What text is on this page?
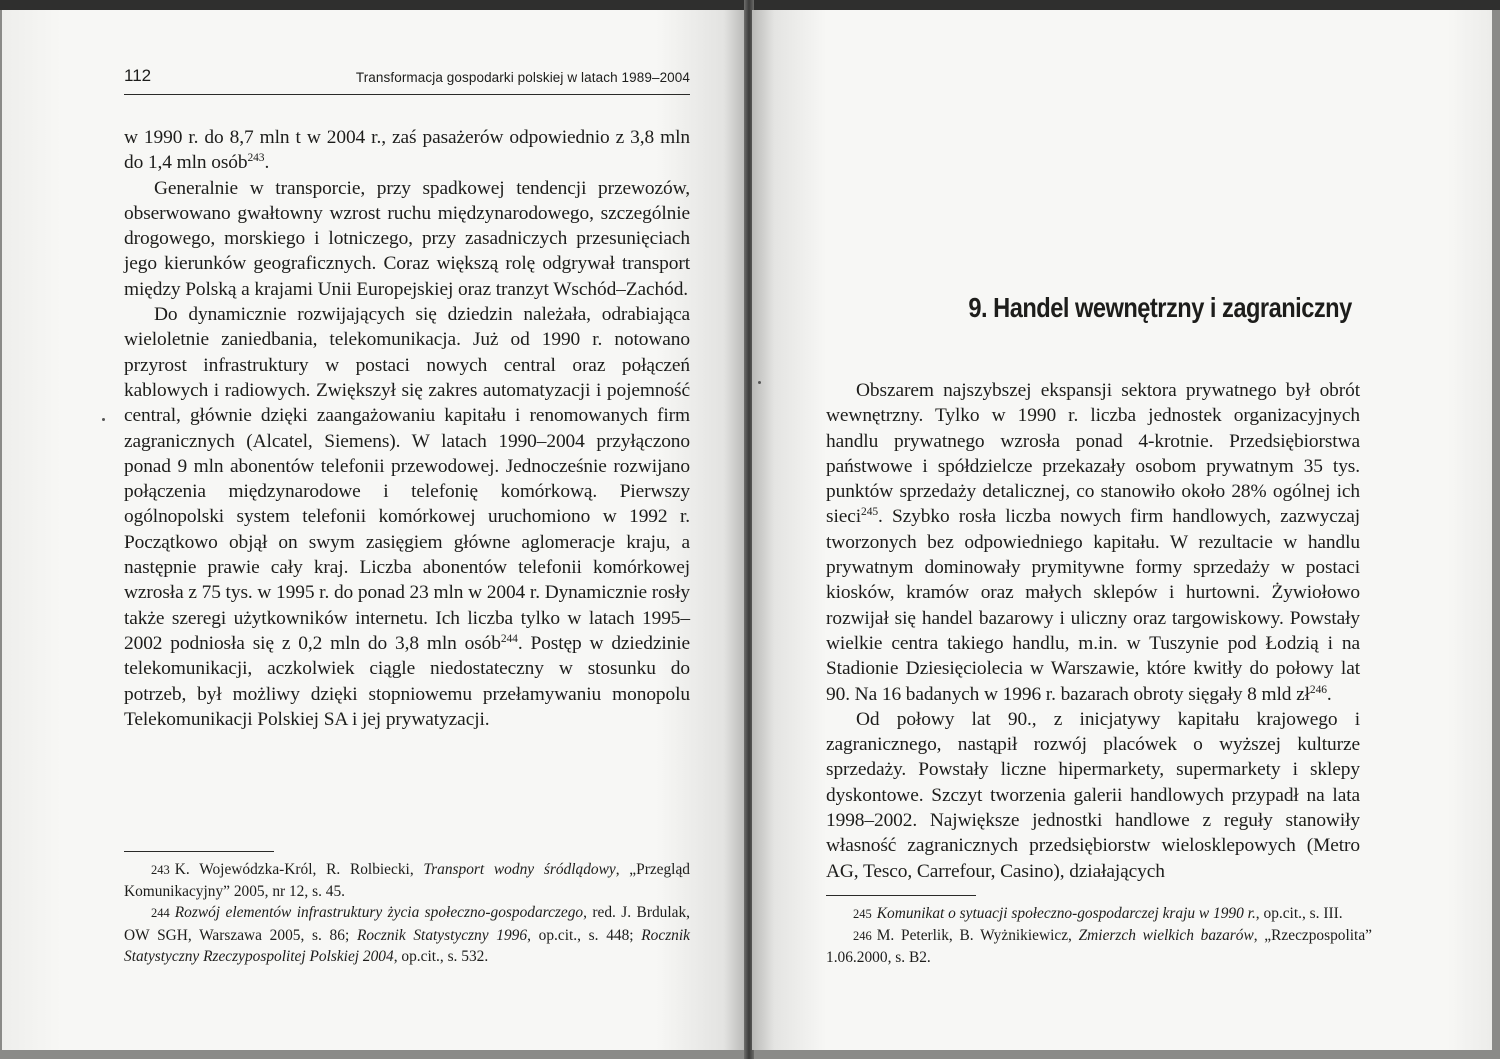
112	Transformacja gospodarki polskiej w latach 1989–2004

w 1990 r. do 8,7 mln t w 2004 r., zaś pasażerów odpowiednio z 3,8 mln do 1,4 mln osób$^{243}$.

Generalnie w transporcie, przy spadkowej tendencji przewozów, obserwowano gwałtowny wzrost ruchu międzynarodowego, szczególnie drogowego, morskiego i lotniczego, przy zasadniczych przesunięciach jego kierunków geograficznych. Coraz większą rolę odgrywał transport między Polską a krajami Unii Europejskiej oraz tranzyt Wschód–Zachód.

Do dynamicznie rozwijających się dziedzin należała, odrabiająca wieloletnie zaniedbania, telekomunikacja. Już od 1990 r. notowano przyrost infrastruktury w postaci nowych central oraz połączeń kablowych i radiowych. Zwiększył się zakres automatyzacji i pojemność central, głównie dzięki zaangażowaniu kapitału i renomowanych firm zagranicznych (Alcatel, Siemens). W latach 1990–2004 przyłączono ponad 9 mln abonentów telefonii przewodowej. Jednocześnie rozwijano połączenia międzynarodowe i telefonię komórkową. Pierwszy ogólnopolski system telefonii komórkowej uruchomiono w 1992 r. Początkowo objął on swym zasięgiem główne aglomeracje kraju, a następnie prawie cały kraj. Liczba abonentów telefonii komórkowej wzrosła z 75 tys. w 1995 r. do ponad 23 mln w 2004 r. Dynamicznie rosły także szeregi użytkowników internetu. Ich liczba tylko w latach 1995–2002 podniosła się z 0,2 mln do 3,8 mln osób$^{244}$. Postęp w dziedzinie telekomunikacji, aczkolwiek ciągle niedostateczny w stosunku do potrzeb, był możliwy dzięki stopniowemu przełamywaniu monopolu Telekomunikacji Polskiej SA i jej prywatyzacji.

243 K. Wojewódzka-Król, R. Rolbiecki, Transport wodny śródlądowy, „Przegląd Komunikacyjny” 2005, nr 12, s. 45.

244 Rozwój elementów infrastruktury życia społeczno-gospodarczego, red. J. Brdulak, OW SGH, Warszawa 2005, s. 86; Rocznik Statystyczny 1996, op.cit., s. 448; Rocznik Statystyczny Rzeczypospolitej Polskiej 2004, op.cit., s. 532.

9. Handel wewnętrzny i zagraniczny

Obszarem najszybszej ekspansji sektora prywatnego był obrót wewnętrzny. Tylko w 1990 r. liczba jednostek organizacyjnych handlu prywatnego wzrosła ponad 4-krotnie. Przedsiębiorstwa państwowe i spółdzielcze przekazały osobom prywatnym 35 tys. punktów sprzedaży detalicznej, co stanowiło około 28% ogólnej ich sieci$^{245}$. Szybko rosła liczba nowych firm handlowych, zazwyczaj tworzonych bez odpowiedniego kapitału. W rezultacie w handlu prywatnym dominowały prymitywne formy sprzedaży w postaci kiosków, kramów oraz małych sklepów i hurtowni. Żywiołowo rozwijał się handel bazarowy i uliczny oraz targowiskowy. Powstały wielkie centra takiego handlu, m.in. w Tuszynie pod Łodzią i na Stadionie Dziesięciolecia w Warszawie, które kwitły do połowy lat 90. Na 16 badanych w 1996 r. bazarach obroty sięgały 8 mld $zł^{246}$.

Od połowy lat 90., z inicjatywy kapitału krajowego i zagranicznego, nastąpił rozwój placówek o wyższej kulturze sprzedaży. Powstały liczne hipermarkety, supermarkety i sklepy dyskontowe. Szczyt tworzenia galerii handlowych przypadł na lata 1998–2002. Największe jednostki handlowe z reguły stanowiły własność zagranicznych przedsiębiorstw wielosklepowych (Metro AG, Tesco, Carrefour, Casino), działających

245 Komunikat o sytuacji społeczno-gospodarczej kraju w 1990 r., op.cit., s. III.

246 M. Peterlik, B. Wyżnikiewicz, Zmierzch wielkich bazarów, „Rzeczpospolita” 1.06.2000, s. B2.
